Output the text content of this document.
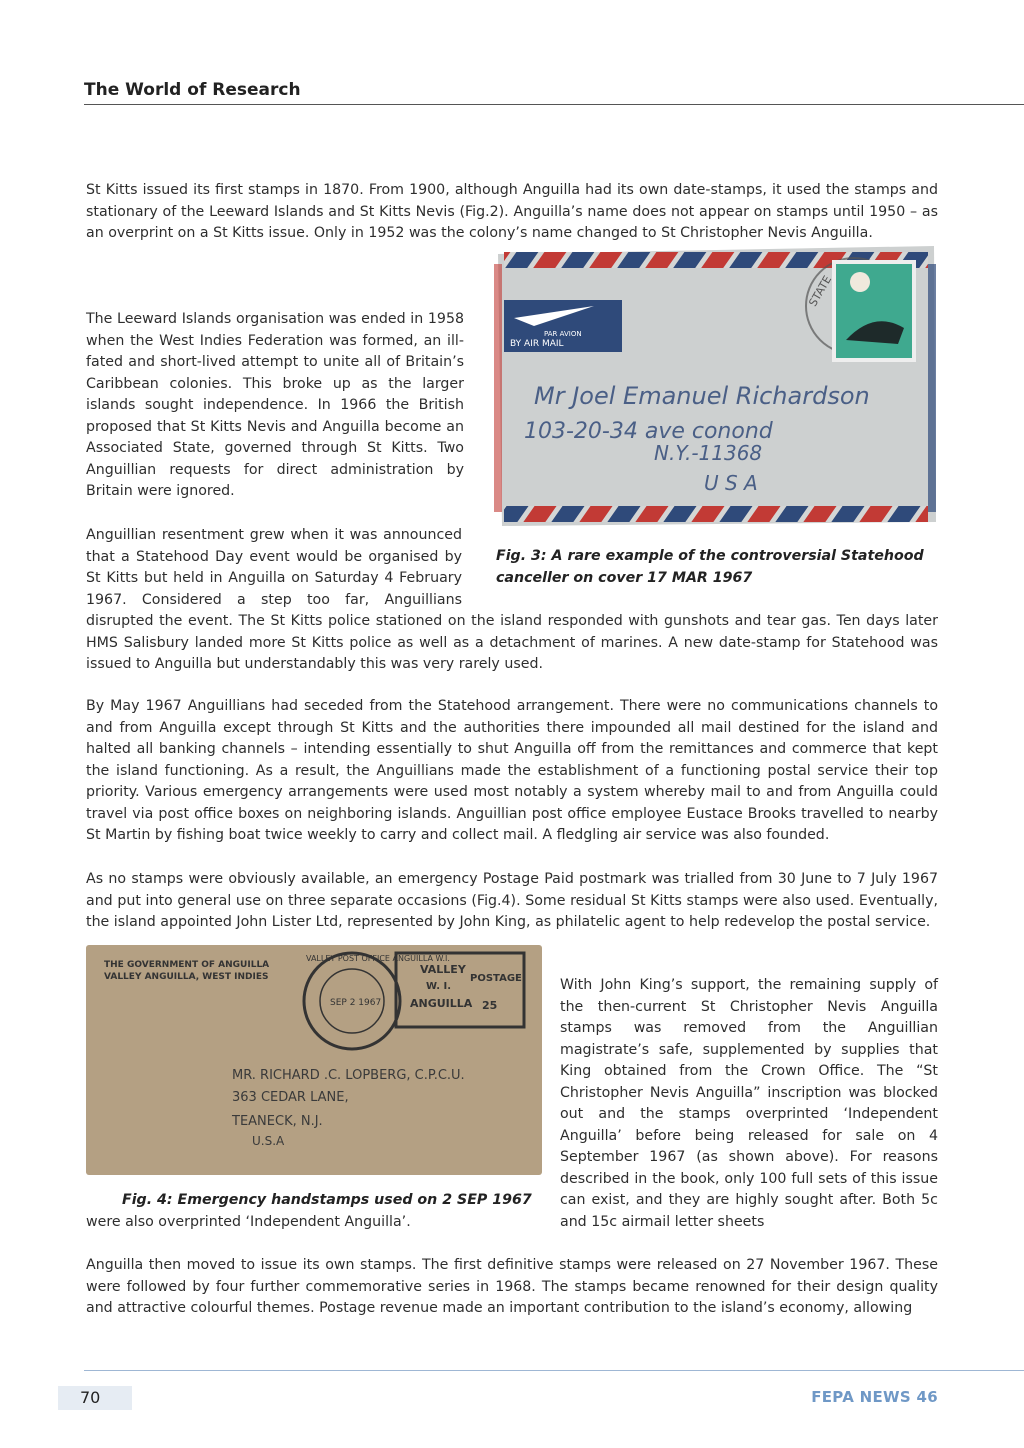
The World of Research
St Kitts issued its first stamps in 1870. From 1900, although Anguilla had its own date-stamps, it used the stamps and stationary of the Leeward Islands and St Kitts Nevis (Fig.2). Anguilla’s name does not appear on stamps until 1950 – as an overprint on a St Kitts issue. Only in 1952 was the colony’s name changed to St Christopher Nevis Anguilla.
PAR AVION
BY AIR MAIL
STATE
Mr Joel Emanuel Richardson
103-20-34 ave conond
N.Y.-11368
U S A
The Leeward Islands organisation was ended in 1958 when the West Indies Federation was formed, an ill-fated and short-lived attempt to unite all of Britain’s Caribbean colonies. This broke up as the larger islands sought independence. In 1966 the British proposed that St Kitts Nevis and Anguilla become an Associated State, governed through St Kitts. Two Anguillian requests for direct administration by Britain were ignored.
Fig. 3: A rare example of the controversial Statehood canceller on cover 17 MAR 1967
Anguillian resentment grew when it was announced that a Statehood Day event would be organised by St Kitts but held in Anguilla on Saturday 4 February 1967. Considered a step too far, Anguillians disrupted the event. The St Kitts police stationed on the island responded with gunshots and tear gas. Ten days later HMS Salisbury landed more St Kitts police as well as a detachment of marines. A new date-stamp for Statehood was issued to Anguilla but understandably this was very rarely used.
By May 1967 Anguillians had seceded from the Statehood arrangement. There were no communications channels to and from Anguilla except through St Kitts and the authorities there impounded all mail destined for the island and halted all banking channels – intending essentially to shut Anguilla off from the remittances and commerce that kept the island functioning. As a result, the Anguillians made the establishment of a functioning postal service their top priority. Various emergency arrangements were used most notably a system whereby mail to and from Anguilla could travel via post office boxes on neighboring islands. Anguillian post office employee Eustace Brooks travelled to nearby St Martin by fishing boat twice weekly to carry and collect mail. A fledgling air service was also founded.
As no stamps were obviously available, an emergency Postage Paid postmark was trialled from 30 June to 7 July 1967 and put into general use on three separate occasions (Fig.4). Some residual St Kitts stamps were also used. Eventually, the island appointed John Lister Ltd, represented by John King, as philatelic agent to help redevelop the postal service.
THE GOVERNMENT OF ANGUILLA
VALLEY ANGUILLA, WEST INDIES
VALLEY POST OFFICE ANGUILLA W.I.
SEP 2 1967
VALLEY
POSTAGE
W. I.
ANGUILLA 25
MR. RICHARD .C. LOPBERG, C.P.C.U.
363 CEDAR LANE,
TEANECK, N.J.
U.S.A
Fig. 4: Emergency handstamps used on 2 SEP 1967
With John King’s support, the remaining supply of the then-current St Christopher Nevis Anguilla stamps was removed from the Anguillian magistrate’s safe, supplemented by supplies that King obtained from the Crown Office. The “St Christopher Nevis Anguilla” inscription was blocked out and the stamps overprinted ‘Independent Anguilla’ before being released for sale on 4 September 1967 (as shown above). For reasons described in the book, only 100 full sets of this issue can exist, and they are highly sought after. Both 5c and 15c airmail letter sheets
were also overprinted ‘Independent Anguilla’.
Anguilla then moved to issue its own stamps. The first definitive stamps were released on 27 November 1967. These were followed by four further commemorative series in 1968. The stamps became renowned for their design quality and attractive colourful themes. Postage revenue made an important contribution to the island’s economy, allowing
70	FEPA NEWS 46
